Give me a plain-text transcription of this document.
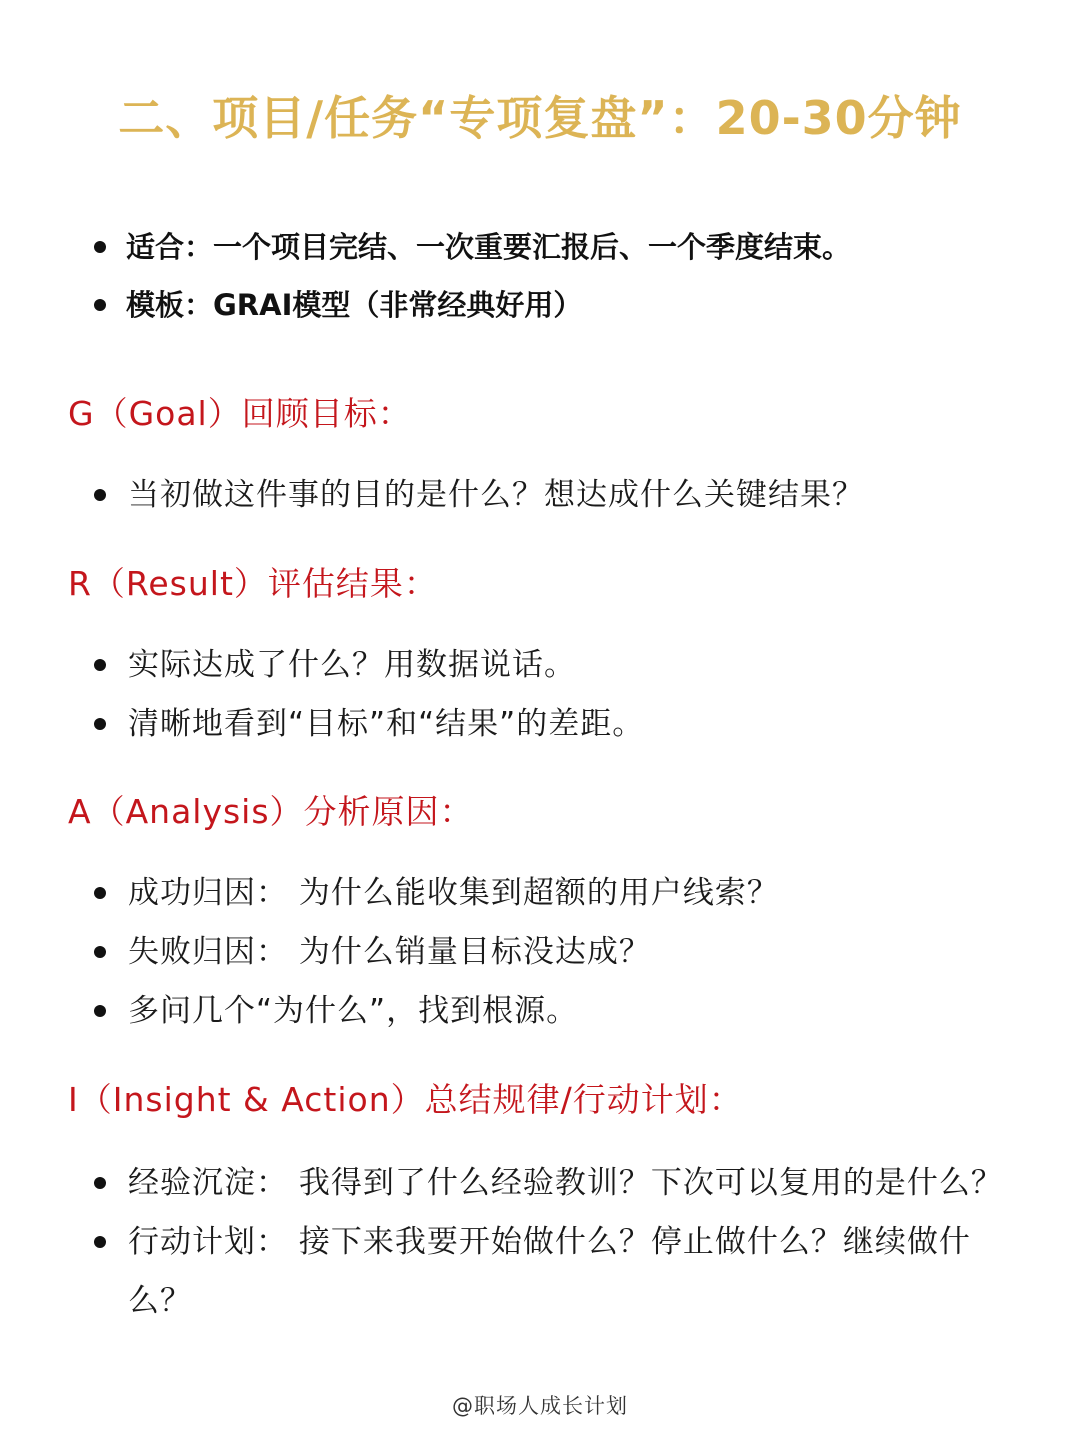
二、项目/任务“专项复盘”：20-30分钟
适合：一个项目完结、一次重要汇报后、一个季度结束。
模板：GRAI模型（非常经典好用）
G（Goal）回顾目标：
当初做这件事的目的是什么？想达成什么关键结果？
R（Result）评估结果：
实际达成了什么？用数据说话。
清晰地看到“目标”和“结果”的差距。
A（Analysis）分析原因：
成功归因： 为什么能收集到超额的用户线索？
失败归因： 为什么销量目标没达成？
多问几个“为什么”，找到根源。
I（Insight & Action）总结规律/行动计划：
经验沉淀： 我得到了什么经验教训？下次可以复用的是什么？
行动计划： 接下来我要开始做什么？停止做什么？继续做什么？
@职场人成长计划
